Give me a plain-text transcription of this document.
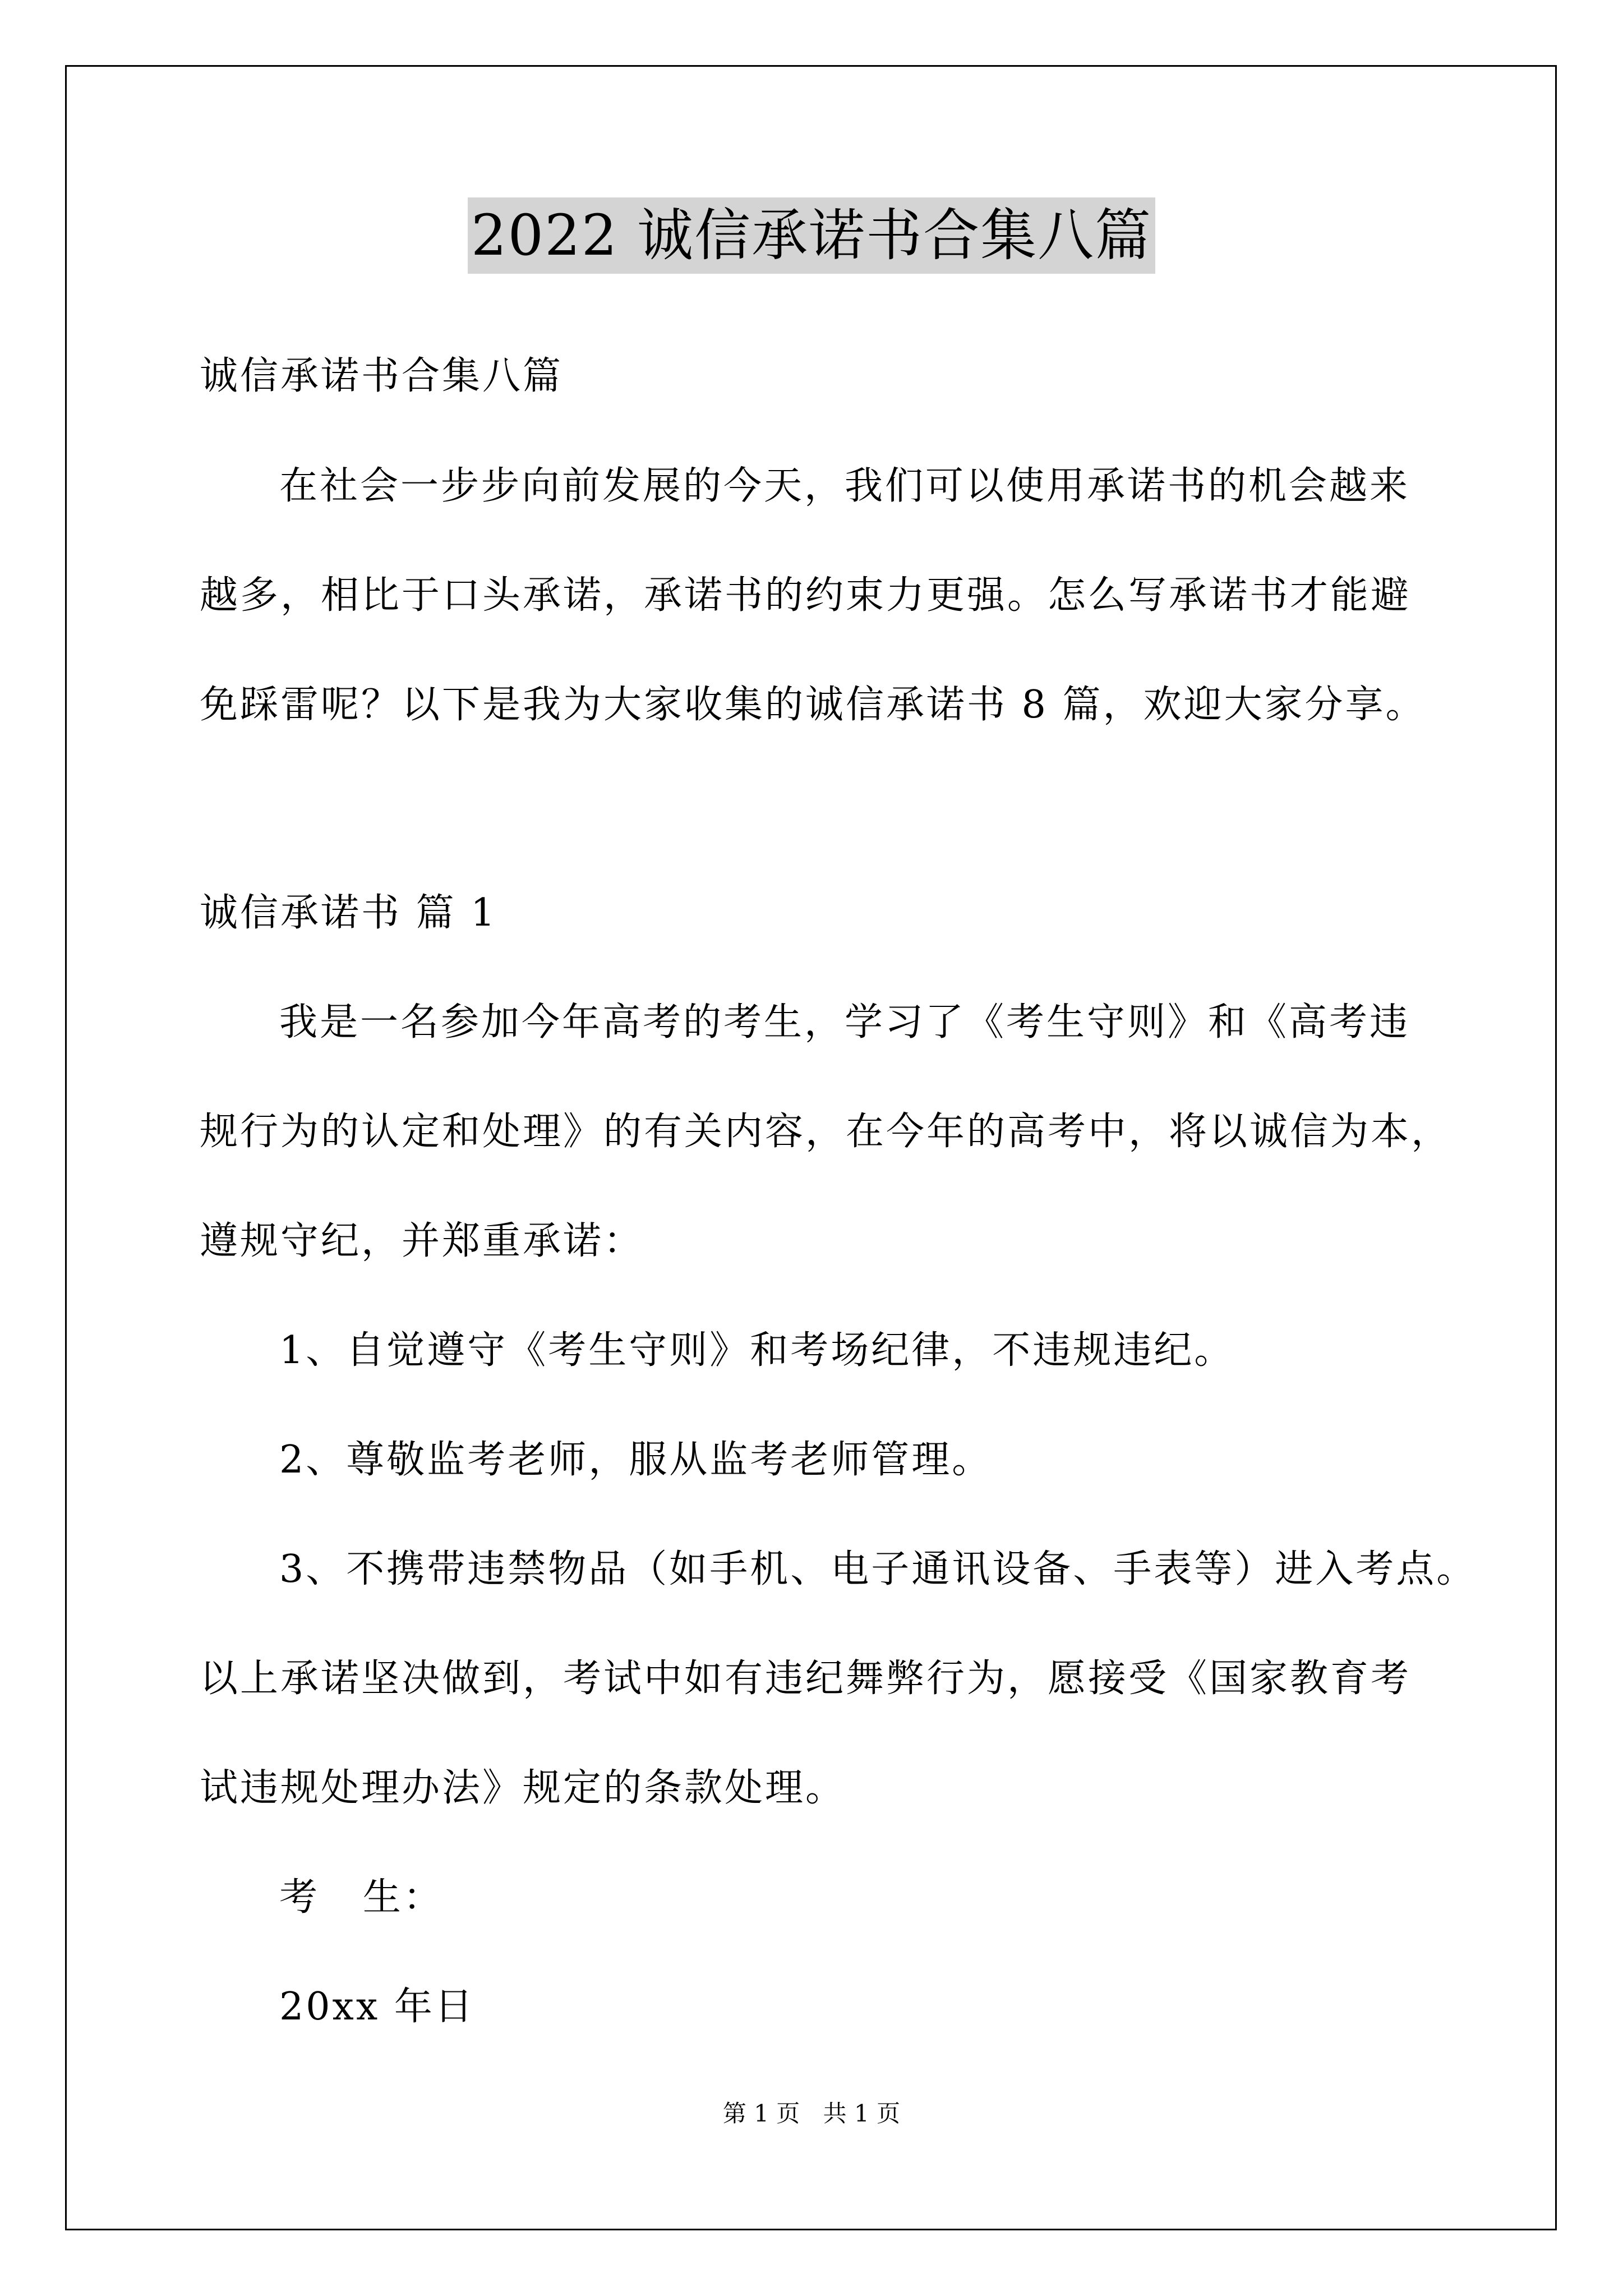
2022 诚信承诺书合集八篇
诚信承诺书合集八篇
在社会一步步向前发展的今天，我们可以使用承诺书的机会越来
越多，相比于口头承诺，承诺书的约束力更强。怎么写承诺书才能避
免踩雷呢？以下是我为大家收集的诚信承诺书 8 篇，欢迎大家分享。
诚信承诺书 篇 1
我是一名参加今年高考的考生，学习了《考生守则》和《高考违
规行为的认定和处理》的有关内容，在今年的高考中，将以诚信为本，
遵规守纪，并郑重承诺：
1、自觉遵守《考生守则》和考场纪律，不违规违纪。
2、尊敬监考老师，服从监考老师管理。
3、不携带违禁物品（如手机、电子通讯设备、手表等）进入考点。
以上承诺坚决做到，考试中如有违纪舞弊行为，愿接受《国家教育考
试违规处理办法》规定的条款处理。
考   生：
20xx 年日
第 1 页 共 1 页
